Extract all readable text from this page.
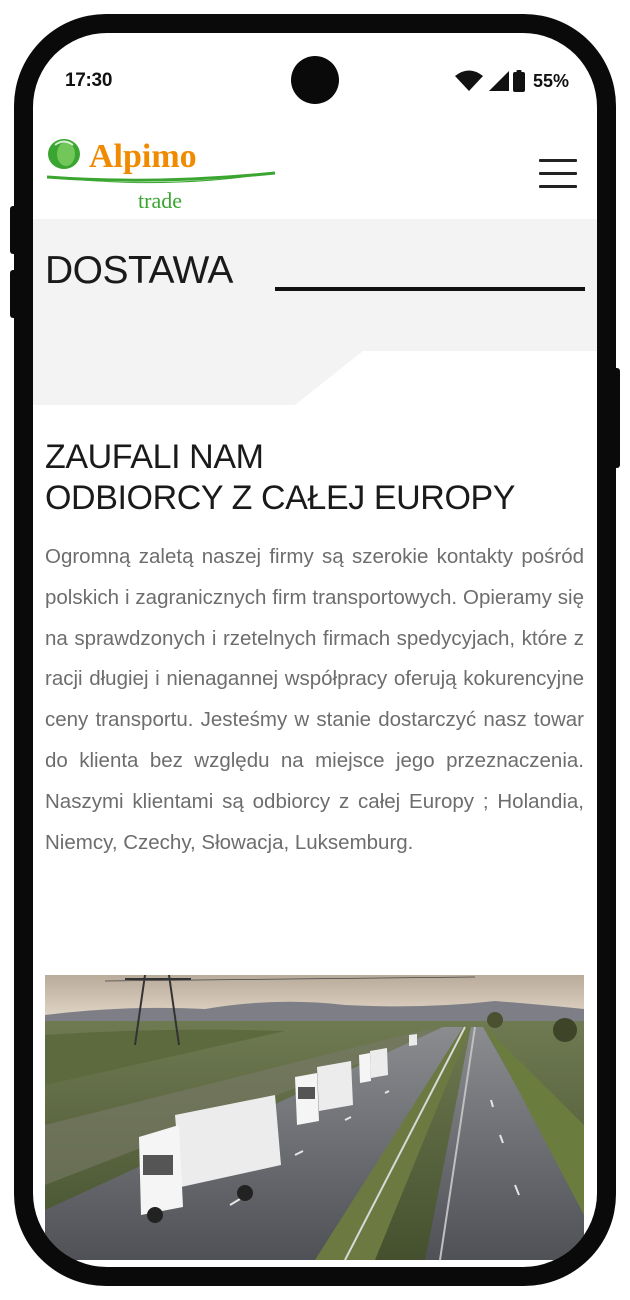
17:30	55%
Alpimo
trade
DOSTAWA
ZAUFALI NAM
ODBIORCY Z CAŁEJ EUROPY

Ogromną zaletą naszej firmy są szerokie kontakty pośród polskich i zagranicznych firm transportowych. Opieramy się na sprawdzonych i rzetelnych firmach spedycyjach, które z racji długiej i nienagannej współpracy oferują kokurencyjne ceny transportu. Jesteśmy w stanie dostarczyć nasz towar do klienta bez względu na miejsce jego przeznaczenia. Naszymi klientami są odbiorcy z całej Europy ; Holandia, Niemcy, Czechy, Słowacja, Luksemburg.
